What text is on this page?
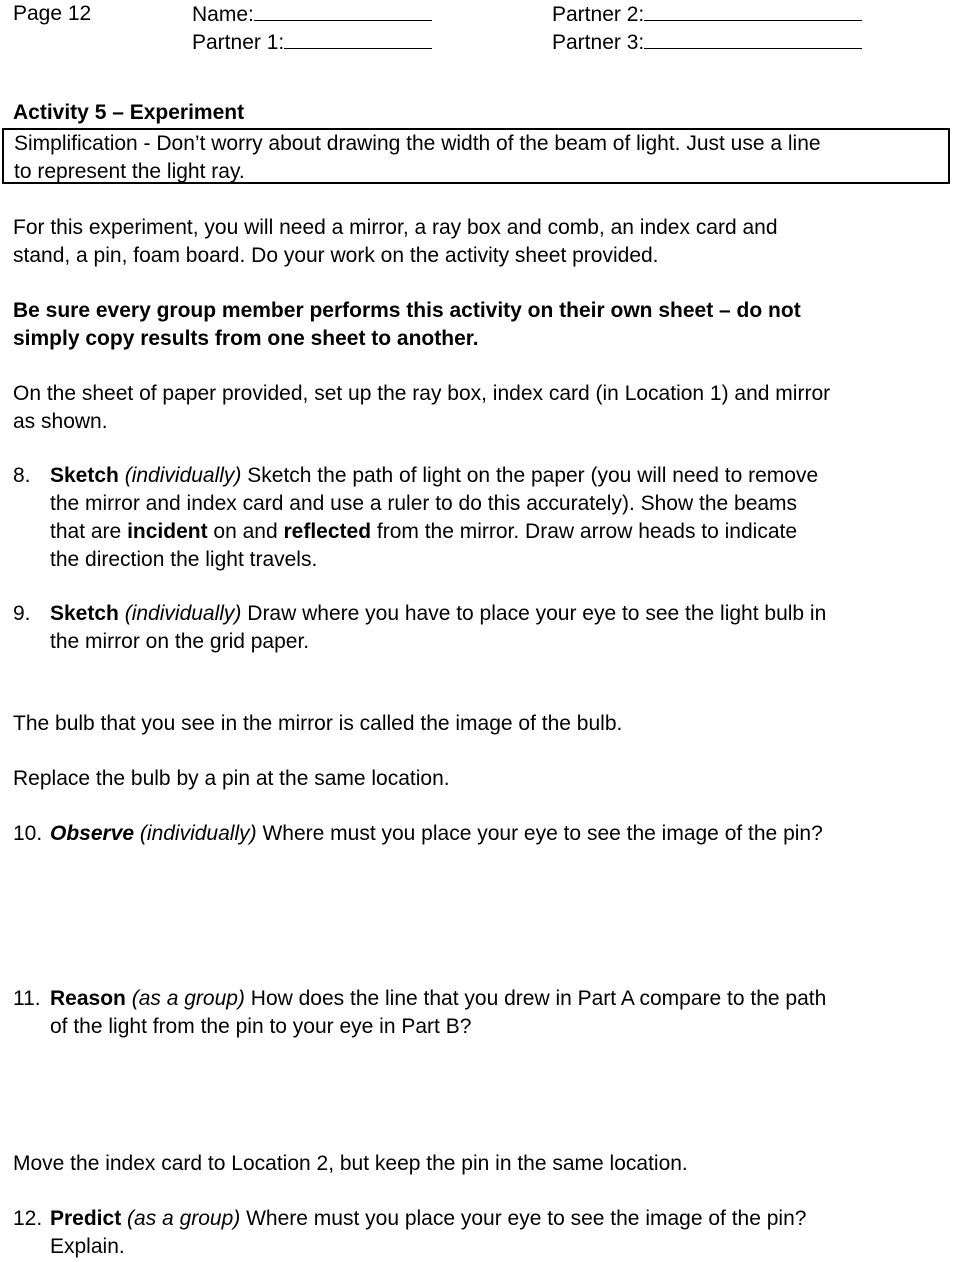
Page 12	Name:
Partner 1:
Partner 2:
Partner 3:
Activity 5 – Experiment
Simplification - Don’t worry about drawing the width of the beam of light. Just use a line
to represent the light ray.
For this experiment, you will need a mirror, a ray box and comb, an index card and
stand, a pin, foam board. Do your work on the activity sheet provided.
Be sure every group member performs this activity on their own sheet – do not
simply copy results from one sheet to another.
On the sheet of paper provided, set up the ray box, index card (in Location 1) and mirror
as shown.
8. Sketch (individually) Sketch the path of light on the paper (you will need to remove
the mirror and index card and use a ruler to do this accurately). Show the beams
that are incident on and reflected from the mirror. Draw arrow heads to indicate
the direction the light travels.
9. Sketch (individually) Draw where you have to place your eye to see the light bulb in
the mirror on the grid paper.
The bulb that you see in the mirror is called the image of the bulb.
Replace the bulb by a pin at the same location.
10. Observe (individually) Where must you place your eye to see the image of the pin?
11. Reason (as a group) How does the line that you drew in Part A compare to the path
of the light from the pin to your eye in Part B?
Move the index card to Location 2, but keep the pin in the same location.
12. Predict (as a group) Where must you place your eye to see the image of the pin?
Explain.
